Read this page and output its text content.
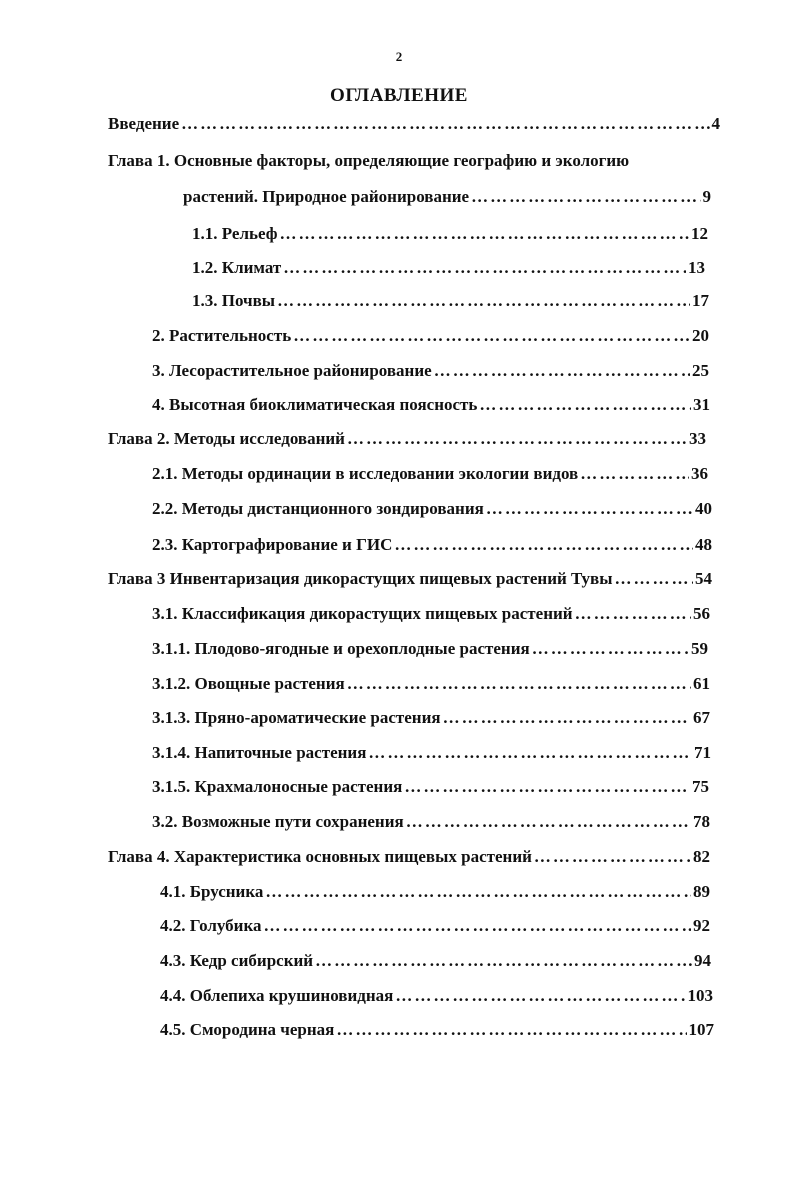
2
ОГЛАВЛЕНИЕ
Введение …………………………………………………………………………………………………………………………………………………………	4
Глава 1. Основные факторы, определяющие географию и экологию
растений. Природное районирование …………………………………………………………………………………………………………………………………………………………	9
1.1. Рельеф …………………………………………………………………………………………………………………………………………………………	12
1.2. Климат …………………………………………………………………………………………………………………………………………………………	13
1.3. Почвы …………………………………………………………………………………………………………………………………………………………	17
2. Растительность …………………………………………………………………………………………………………………………………………………………	20
3. Лесорастительное районирование …………………………………………………………………………………………………………………………………………………………	25
4. Высотная биоклиматическая поясность …………………………………………………………………………………………………………………………………………………………	31
Глава 2. Методы исследований …………………………………………………………………………………………………………………………………………………………	33
2.1. Методы ординации в исследовании экологии видов …………………………………………………………………………………………………………………………………………………………	36
2.2. Методы дистанционного зондирования …………………………………………………………………………………………………………………………………………………………	40
2.3. Картографирование и ГИС …………………………………………………………………………………………………………………………………………………………	48
Глава 3 Инвентаризация дикорастущих пищевых растений Тувы …………………………………………………………………………………………………………………………………………………………	54
3.1. Классификация дикорастущих пищевых растений …………………………………………………………………………………………………………………………………………………………	56
3.1.1. Плодово-ягодные и орехоплодные растения …………………………………………………………………………………………………………………………………………………………	59
3.1.2. Овощные растения …………………………………………………………………………………………………………………………………………………………	61
3.1.3. Пряно-ароматические растения …………………………………………………………………………………………………………………………………………………………	67
3.1.4. Напиточные растения …………………………………………………………………………………………………………………………………………………………	71
3.1.5. Крахмалоносные растения …………………………………………………………………………………………………………………………………………………………	75
3.2. Возможные пути сохранения …………………………………………………………………………………………………………………………………………………………	78
Глава 4. Характеристика основных пищевых растений …………………………………………………………………………………………………………………………………………………………	82
4.1. Брусника …………………………………………………………………………………………………………………………………………………………	89
4.2. Голубика …………………………………………………………………………………………………………………………………………………………	92
4.3. Кедр сибирский …………………………………………………………………………………………………………………………………………………………	94
4.4. Облепиха крушиновидная …………………………………………………………………………………………………………………………………………………………	103
4.5. Смородина черная …………………………………………………………………………………………………………………………………………………………	107
